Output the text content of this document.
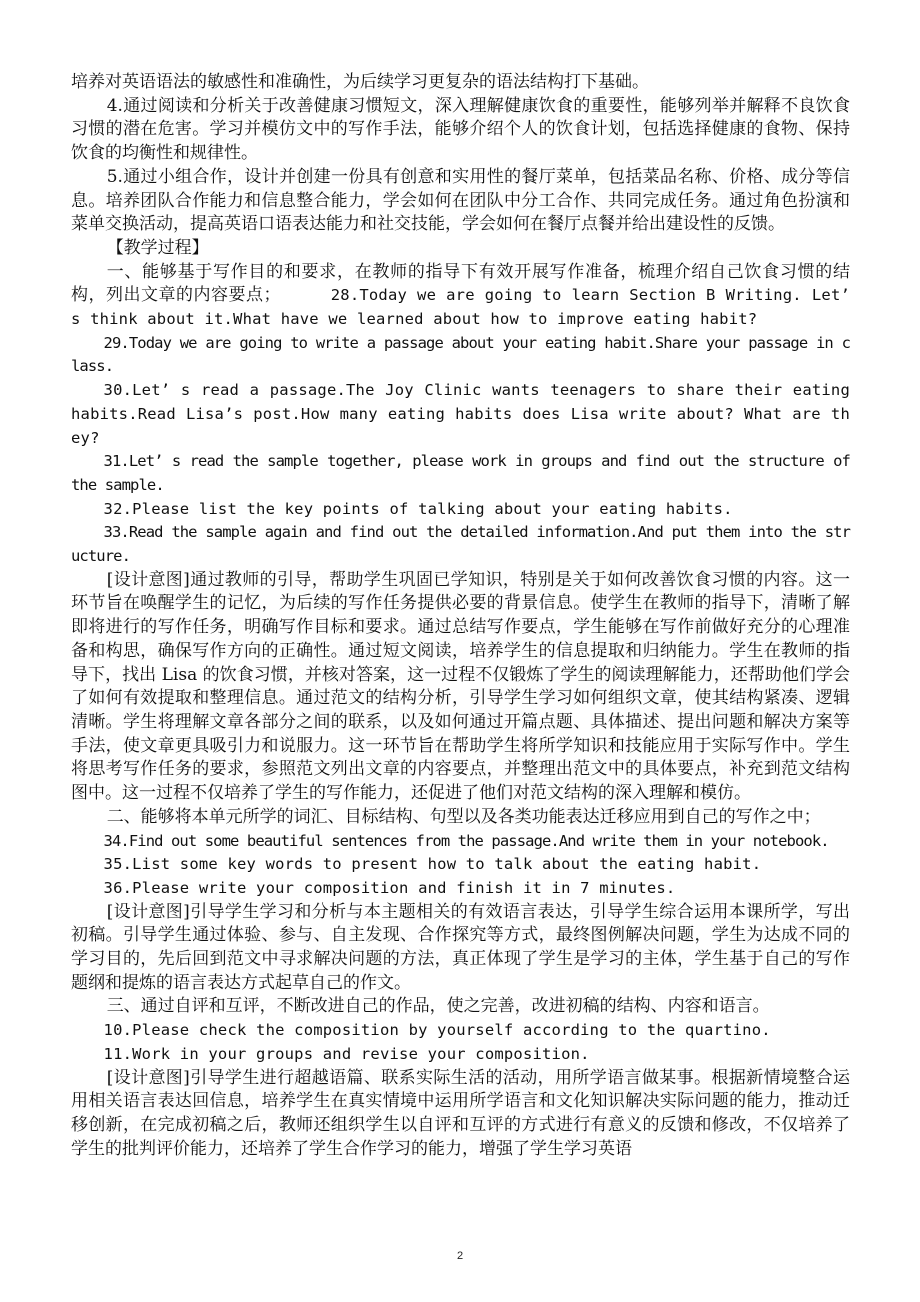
培养对英语语法的敏感性和准确性，为后续学习更复杂的语法结构打下基础。

4.通过阅读和分析关于改善健康习惯短文，深入理解健康饮食的重要性，能够列举并解释不良饮食习惯的潜在危害。学习并模仿文中的写作手法，能够介绍个人的饮食计划，包括选择健康的食物、保持饮食的均衡性和规律性。

5.通过小组合作，设计并创建一份具有创意和实用性的餐厅菜单，包括菜品名称、价格、成分等信息。培养团队合作能力和信息整合能力，学会如何在团队中分工合作、共同完成任务。通过角色扮演和菜单交换活动，提高英语口语表达能力和社交技能，学会如何在餐厅点餐并给出建设性的反馈。

【教学过程】

一、能够基于写作目的和要求，在教师的指导下有效开展写作准备，梳理介绍自己饮食习惯的结构，列出文章的内容要点；	28.Today we are going to learn Section B Writing. Let’ s think about it.What have we learned about how to improve eating habit?

29.Today we are going to write a passage about your eating habit.Share your passage in class.

30.Let’ s read a passage.The Joy Clinic wants teenagers to share their eating habits.Read Lisa’s post.How many eating habits does Lisa write about? What are they?

31.Let’ s read the sample together, please work in groups and find out the structure of the sample.

32.Please list the key points of talking about your eating habits.

33.Read the sample again and find out the detailed information.And put them into the structure.

[设计意图]通过教师的引导，帮助学生巩固已学知识，特别是关于如何改善饮食习惯的内容。这一环节旨在唤醒学生的记忆，为后续的写作任务提供必要的背景信息。使学生在教师的指导下，清晰了解即将进行的写作任务，明确写作目标和要求。通过总结写作要点，学生能够在写作前做好充分的心理准备和构思，确保写作方向的正确性。通过短文阅读，培养学生的信息提取和归纳能力。学生在教师的指导下，找出 Lisa 的饮食习惯，并核对答案，这一过程不仅锻炼了学生的阅读理解能力，还帮助他们学会了如何有效提取和整理信息。通过范文的结构分析，引导学生学习如何组织文章，使其结构紧凑、逻辑清晰。学生将理解文章各部分之间的联系，以及如何通过开篇点题、具体描述、提出问题和解决方案等手法，使文章更具吸引力和说服力。这一环节旨在帮助学生将所学知识和技能应用于实际写作中。学生将思考写作任务的要求，参照范文列出文章的内容要点，并整理出范文中的具体要点，补充到范文结构图中。这一过程不仅培养了学生的写作能力，还促进了他们对范文结构的深入理解和模仿。

二、能够将本单元所学的词汇、目标结构、句型以及各类功能表达迁移应用到自己的写作之中；

34.Find out some beautiful sentences from the passage.And write them in your notebook.

35.List some key words to present how to talk about the eating habit.

36.Please write your composition and finish it in 7 minutes.

[设计意图]引导学生学习和分析与本主题相关的有效语言表达，引导学生综合运用本课所学，写出初稿。引导学生通过体验、参与、自主发现、合作探究等方式，最终图例解决问题，学生为达成不同的学习目的，先后回到范文中寻求解决问题的方法，真正体现了学生是学习的主体，学生基于自己的写作题纲和提炼的语言表达方式起草自己的作文。

三、通过自评和互评，不断改进自己的作品，使之完善，改进初稿的结构、内容和语言。

10.Please check the composition by yourself according to the quartino.

11.Work in your groups and revise your composition.

[设计意图]引导学生进行超越语篇、联系实际生活的活动，用所学语言做某事。根据新情境整合运用相关语言表达回信息，培养学生在真实情境中运用所学语言和文化知识解决实际问题的能力，推动迁移创新，在完成初稿之后，教师还组织学生以自评和互评的方式进行有意义的反馈和修改，不仅培养了学生的批判评价能力，还培养了学生合作学习的能力，增强了学生学习英语

2
